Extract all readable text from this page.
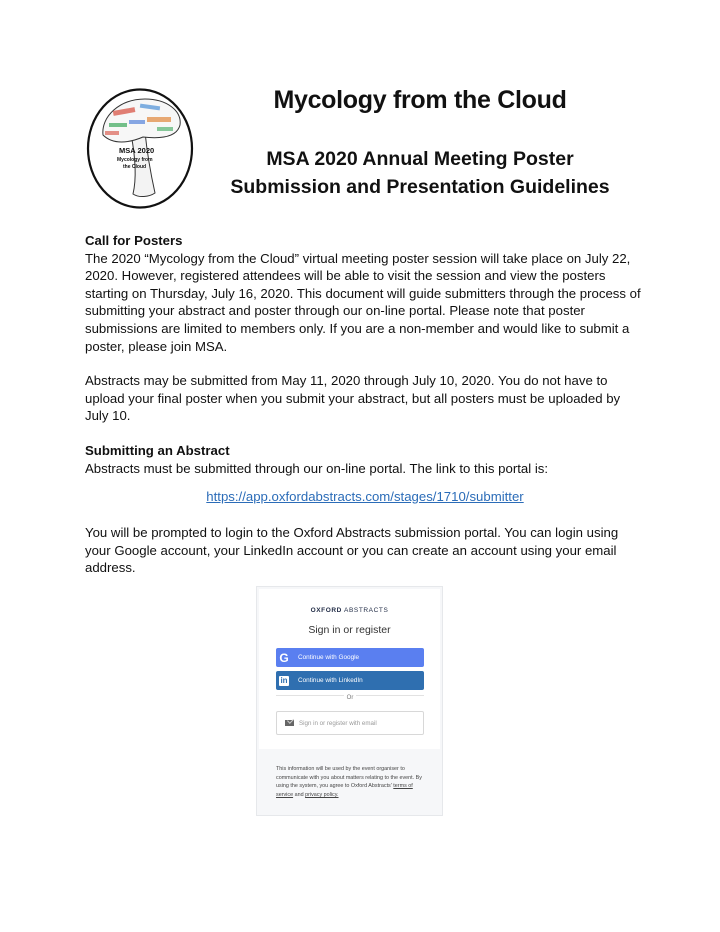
MSA 2020
Mycology from
the Cloud
Mycology from the Cloud
MSA 2020 Annual Meeting Poster
Submission and Presentation Guidelines
Call for Posters

The 2020 “Mycology from the Cloud” virtual meeting poster session will take place on July 22, 2020. However, registered attendees will be able to visit the session and view the posters starting on Thursday, July 16, 2020. This document will guide submitters through the process of submitting your abstract and poster through our on-line portal. Please note that poster submissions are limited to members only. If you are a non-member and would like to submit a poster, please join MSA.

Abstracts may be submitted from May 11, 2020 through July 10, 2020. You do not have to upload your final poster when you submit your abstract, but all posters must be uploaded by July 10.

Submitting an Abstract

Abstracts must be submitted through our on-line portal. The link to this portal is:

https://app.oxfordabstracts.com/stages/1710/submitter

You will be prompted to login to the Oxford Abstracts submission portal. You can login using your Google account, your LinkedIn account or you can create an account using your email address.

OXFORD ABSTRACTS
Sign in or register
G	Continue with Google
in Continue with LinkedIn
Or
Sign in or register with email
This information will be used by the event organiser to communicate with you about matters relating to the event. By using the system, you agree to Oxford Abstracts' terms of service and privacy policy.
